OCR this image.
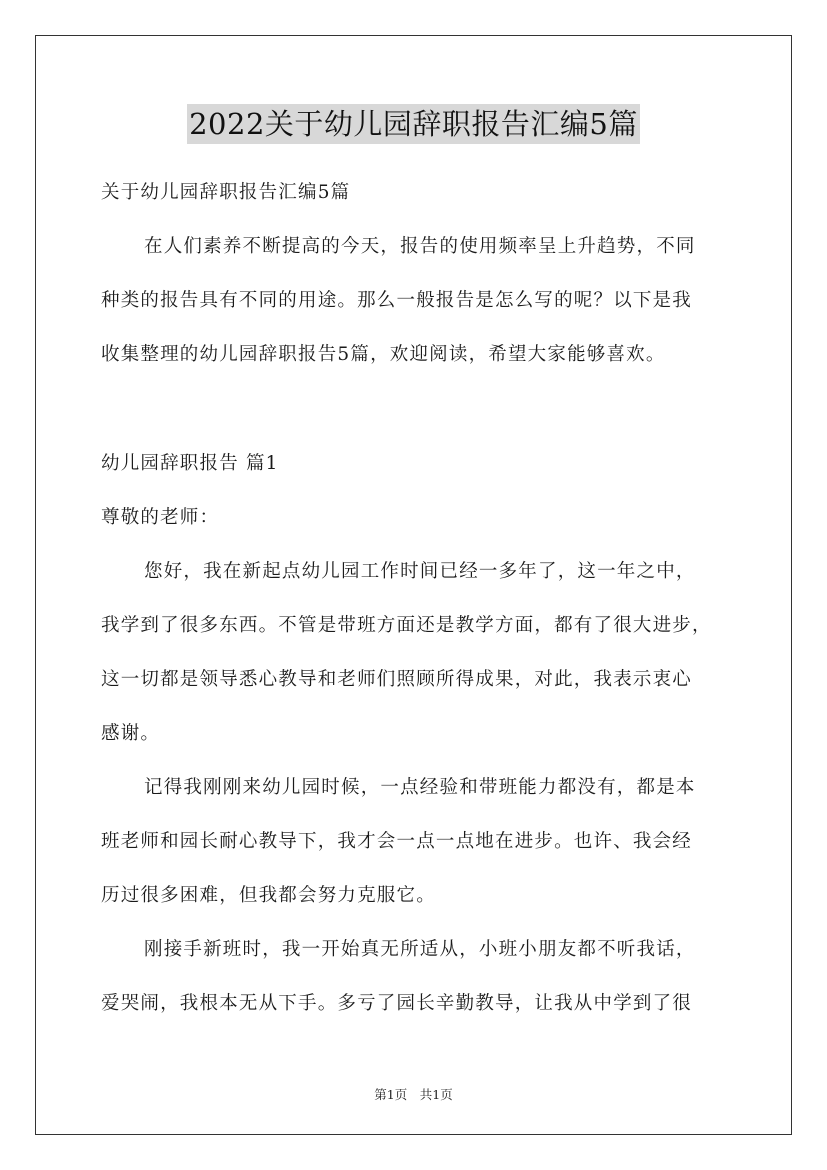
2022关于幼儿园辞职报告汇编5篇
关于幼儿园辞职报告汇编5篇
在人们素养不断提高的今天，报告的使用频率呈上升趋势，不同
种类的报告具有不同的用途。那么一般报告是怎么写的呢？以下是我
收集整理的幼儿园辞职报告5篇，欢迎阅读，希望大家能够喜欢。
幼儿园辞职报告 篇1
尊敬的老师：
您好，我在新起点幼儿园工作时间已经一多年了，这一年之中，
我学到了很多东西。不管是带班方面还是教学方面，都有了很大进步，
这一切都是领导悉心教导和老师们照顾所得成果，对此，我表示衷心
感谢。
记得我刚刚来幼儿园时候，一点经验和带班能力都没有，都是本
班老师和园长耐心教导下，我才会一点一点地在进步。也许、我会经
历过很多困难，但我都会努力克服它。
刚接手新班时，我一开始真无所适从，小班小朋友都不听我话，
爱哭闹，我根本无从下手。多亏了园长辛勤教导，让我从中学到了很
第1页　共1页
